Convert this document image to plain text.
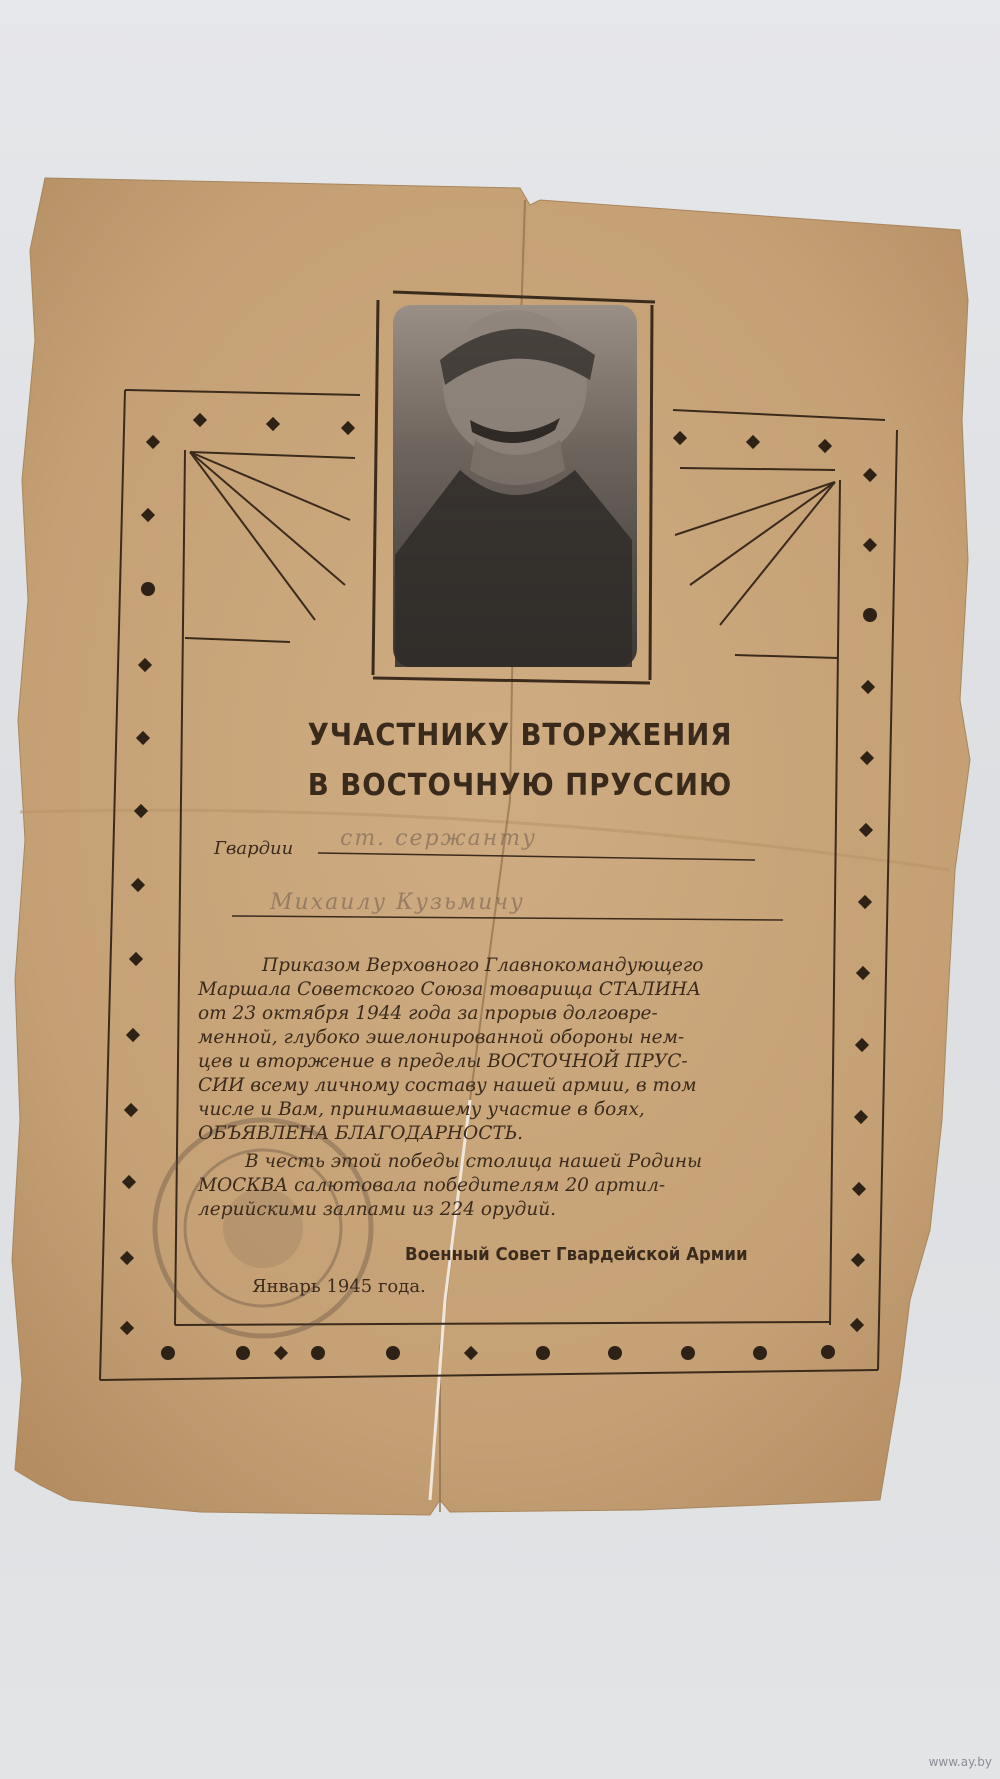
УЧАСТНИКУ ВТОРЖЕНИЯ
В ВОСТОЧНУЮ ПРУССИЮ
Гвардии ст. сержанту
Михаилу Кузьмичу
Приказом Верховного Главнокомандующего
Маршала Советского Союза товарища СТАЛИНА
от 23 октября 1944 года за прорыв долговре-
менной, глубоко эшелонированной обороны нем-
цев и вторжение в пределы ВОСТОЧНОЙ ПРУС-
СИИ всему личному составу нашей армии, в том
числе и Вам, принимавшему участие в боях,
ОБЪЯВЛЕНА БЛАГОДАРНОСТЬ.
В честь этой победы столица нашей Родины
МОСКВА салютовала победителям 20 артил-
лерийскими залпами из 224 орудий.
Военный Совет Гвардейской Армии
Январь 1945 года.
www.ay.by
